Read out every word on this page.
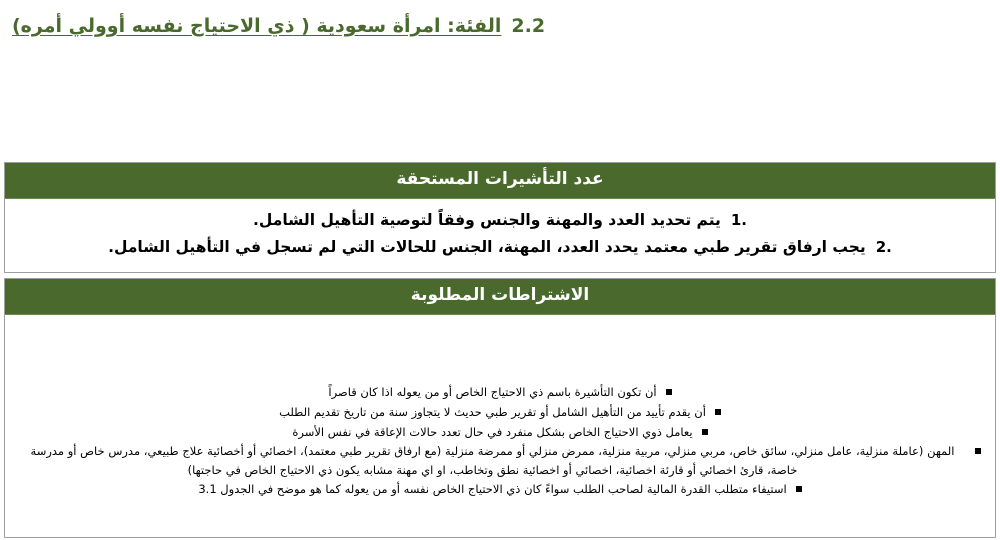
2.2
الفئة: امرأة سعودية ( ذي الاحتياج نفسه أوولي أمره)
عدد التأشيرات المستحقة
1.
يتم تحديد العدد والمهنة والجنس وفقاً لتوصية التأهيل الشامل.
2.
يجب ارفاق تقرير طبي معتمد يحدد العدد، المهنة، الجنس للحالات التي لم تسجل في التأهيل الشامل.
الاشتراطات المطلوبة
أن تكون التأشيرة باسم ذي الاحتياج الخاص أو من يعوله اذا كان قاصراً
أن يقدم تأييد من التأهيل الشامل أو تقرير طبي حديث لا يتجاوز سنة من تاريخ تقديم الطلب
يعامل ذوي الاحتياج الخاص بشكل منفرد في حال تعدد حالات الإعاقة في نفس الأسرة
المهن (عاملة منزلية، عامل منزلي، سائق خاص، مربي منزلي، مربية منزلية، ممرض منزلي أو ممرضة منزلية (مع ارفاق تقرير طبي معتمد)، اخصائي أو أخصائية علاج طبيعي، مدرس خاص أو مدرسة خاصة، قارئ اخصائي أو قارئة اخصائية، اخصائي أو اخصائية نطق وتخاطب، او اي مهنة مشابه يكون ذي الاحتياج الخاص في حاجتها)
استيفاء متطلب القدرة المالية لصاحب الطلب سواءً كان ذي الاحتياج الخاص نفسه أو من يعوله كما هو موضح في الجدول 3.1
